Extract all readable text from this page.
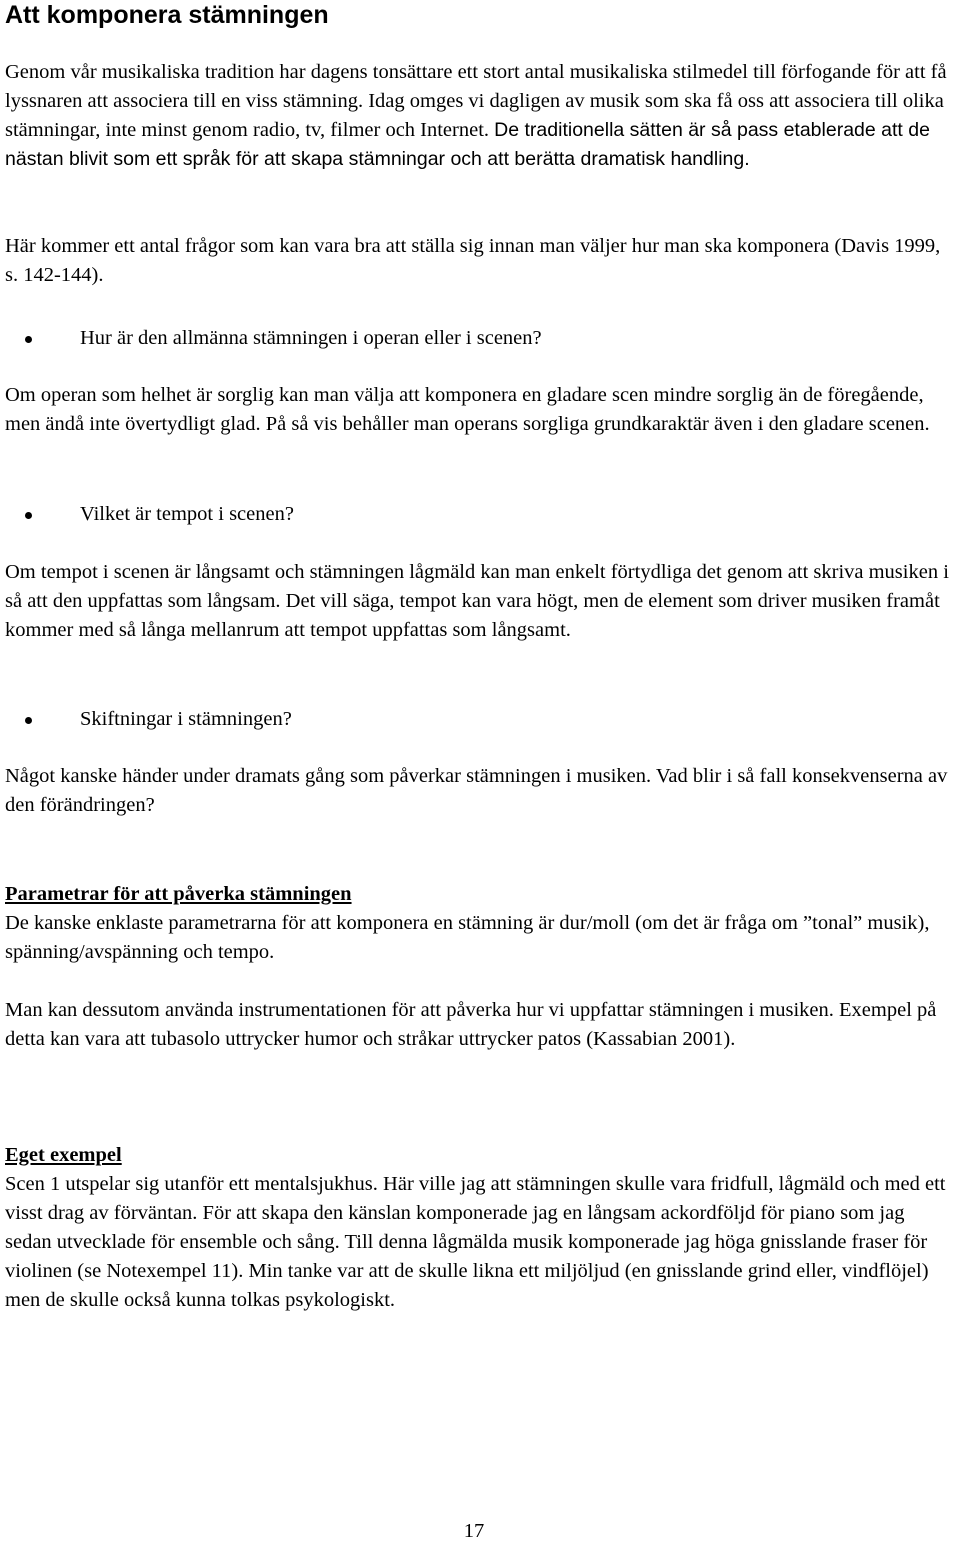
Att komponera stämningen

Genom vår musikaliska tradition har dagens tonsättare ett stort antal musikaliska stilmedel till förfogande för att få lyssnaren att associera till en viss stämning. Idag omges vi dagligen av musik som ska få oss att associera till olika stämningar, inte minst genom radio, tv, filmer och Internet. De traditionella sätten är så pass etablerade att de nästan blivit som ett språk för att skapa stämningar och att berätta dramatisk handling.

Här kommer ett antal frågor som kan vara bra att ställa sig innan man väljer hur man ska komponera (Davis 1999, s. 142-144).

Hur är den allmänna stämningen i operan eller i scenen?

Om operan som helhet är sorglig kan man välja att komponera en gladare scen mindre sorglig än de föregående, men ändå inte övertydligt glad. På så vis behåller man operans sorgliga grundkaraktär även i den gladare scenen.

Vilket är tempot i scenen?

Om tempot i scenen är långsamt och stämningen lågmäld kan man enkelt förtydliga det genom att skriva musiken i så att den uppfattas som långsam. Det vill säga, tempot kan vara högt, men de element som driver musiken framåt kommer med så långa mellanrum att tempot uppfattas som långsamt.

Skiftningar i stämningen?

Något kanske händer under dramats gång som påverkar stämningen i musiken. Vad blir i så fall konsekvenserna av den förändringen?

Parametrar för att påverka stämningen

De kanske enklaste parametrarna för att komponera en stämning är dur/moll (om det är fråga om ”tonal” musik), spänning/avspänning och tempo.

Man kan dessutom använda instrumentationen för att påverka hur vi uppfattar stämningen i musiken. Exempel på detta kan vara att tubasolo uttrycker humor och stråkar uttrycker patos (Kassabian 2001).

Eget exempel

Scen 1 utspelar sig utanför ett mentalsjukhus. Här ville jag att stämningen skulle vara fridfull, lågmäld och med ett visst drag av förväntan. För att skapa den känslan komponerade jag en långsam ackordföljd för piano som jag sedan utvecklade för ensemble och sång. Till denna lågmälda musik komponerade jag höga gnisslande fraser för violinen (se Notexempel 11). Min tanke var att de skulle likna ett miljöljud (en gnisslande grind eller, vindflöjel) men de skulle också kunna tolkas psykologiskt.

17
